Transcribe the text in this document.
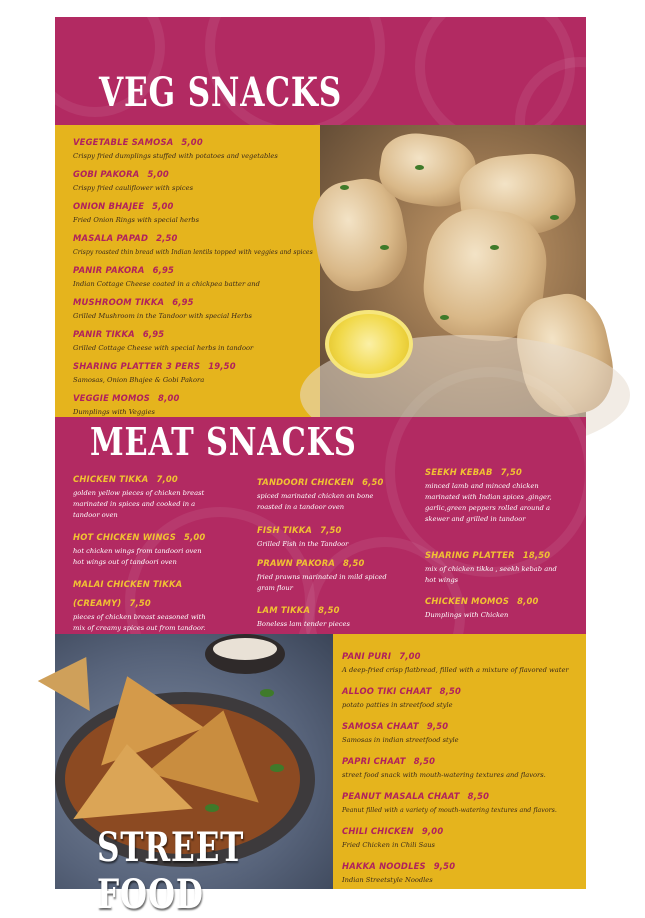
VEG SNACKS
VEGETABLE SAMOSA 5,00
Crispy fried dumplings stuffed with potatoes and vegetables
GOBI PAKORA 5,00
Crispy fried cauliflower with spices
ONION BHAJEE 5,00
Fried Onion Rings with special herbs
MASALA PAPAD 2,50
Crispy roasted thin bread with Indian lentils topped with veggies and spices
PANIR PAKORA 6,95
Indian Cottage Cheese coated in a chickpea batter and
MUSHROOM TIKKA 6,95
Grilled Mushroom in the Tandoor with special Herbs
PANIR TIKKA 6,95
Grilled Cottage Cheese with special herbs in tandoor
SHARING PLATTER 3 PERS 19,50
Samosas, Onion Bhajee & Gobi Pakora
VEGGIE MOMOS 8,00
Dumplings with Veggies
MEAT SNACKS
CHICKEN TIKKA 7,00
golden yellow pieces of chicken breast marinated in spices and cooked in a tandoor oven
HOT CHICKEN WINGS 5,00
hot chicken wings from tandoori oven hot wings out of tandoori oven
MALAI CHICKEN TIKKA (CREAMY) 7,50
pieces of chicken breast seasoned with mix of creamy spices out from tandoor.
TANDOORI CHICKEN 6,50
spiced marinated chicken on bone roasted in a tandoor oven
FISH TIKKA 7,50
Grilled Fish in the Tandoor
PRAWN PAKORA 8,50
fried prawns marinated in mild spiced gram flour
LAM TIKKA 8,50
Boneless lam tender pieces
SEEKH KEBAB 7,50
minced lamb and minced chicken marinated with Indian spices ,ginger, garlic,green peppers rolled around a skewer and grilled in tandoor
SHARING PLATTER 18,50
mix of chicken tikka , seekh kebab and hot wings
CHICKEN MOMOS 8,00
Dumplings with Chicken
STREET FOOD
PANI PURI 7,00
A deep-fried crisp flatbread, filled with a mixture of flavored water
ALLOO TIKI CHAAT 8,50
potato patties in streetfood style
SAMOSA CHAAT 9,50
Samosas in indian streetfood style
PAPRI CHAAT 8,50
street food snack with mouth-watering textures and flavors.
PEANUT MASALA CHAAT 8,50
Peanut filled with a variety of mouth-watering textures and flavors.
CHILI CHICKEN 9,00
Fried Chicken in Chili Saus
HAKKA NOODLES 9,50
Indian Streetstyle Noodles
